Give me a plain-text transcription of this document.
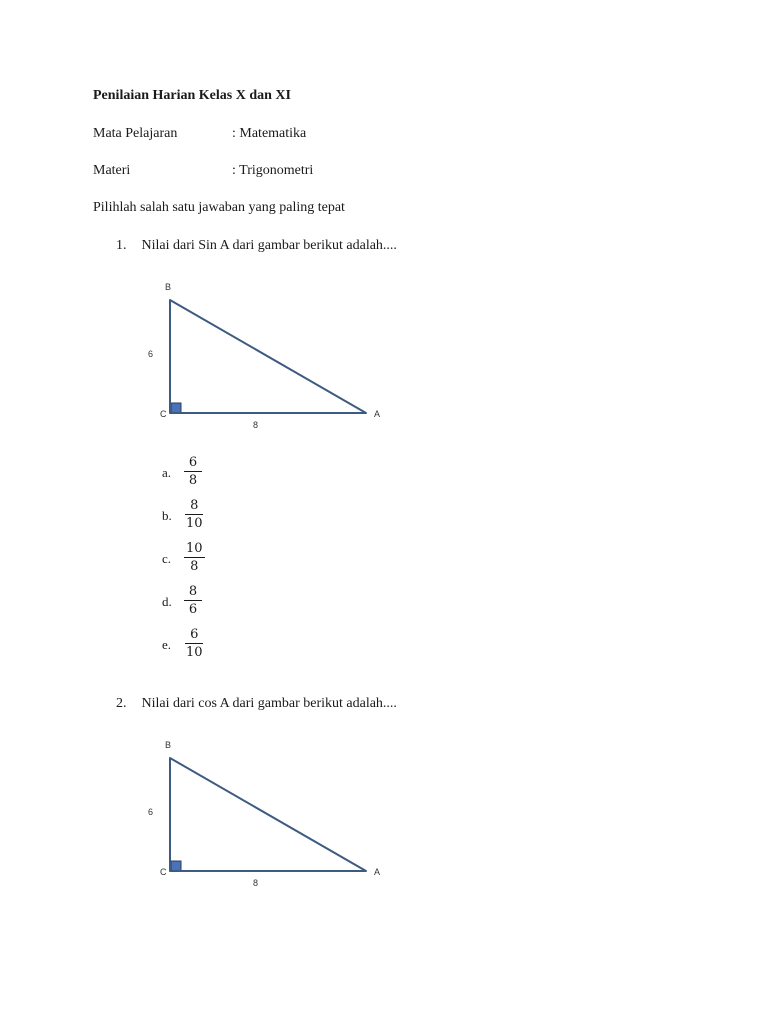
Penilaian Harian Kelas X dan XI
Mata Pelajaran	: Matematika
Materi	: Trigonometri
Pilihlah salah satu jawaban yang paling tepat
1. Nilai dari Sin A dari gambar berikut adalah....
B
6
C	A
8
a. $\frac{6}{8}$
b. $\frac{8}{10}$
c. $\frac{10}{8}$
d. $\frac{8}{6}$
e. $\frac{6}{10}$
2. Nilai dari cos A dari gambar berikut adalah....
B
6
C	A
8
